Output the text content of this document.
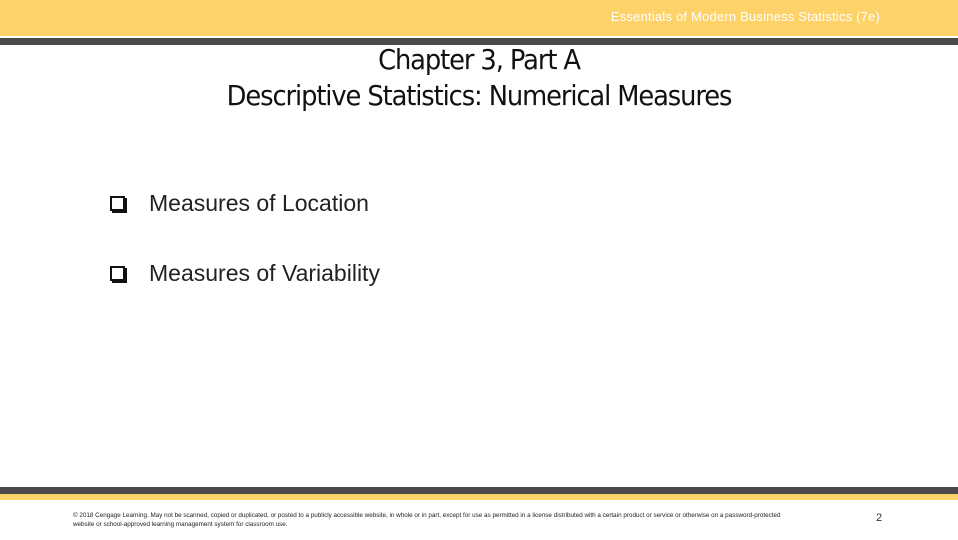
Essentials of Modern Business Statistics (7e)
Chapter 3, Part A
Descriptive Statistics: Numerical Measures
Measures of Location
Measures of Variability
© 2018 Cengage Learning. May not be scanned, copied or duplicated, or posted to a publicly accessible website, in whole or in part, except for use as permitted in a license distributed with a certain product or service or otherwise on a password-protected website or school-approved learning management system for classroom use.	2
